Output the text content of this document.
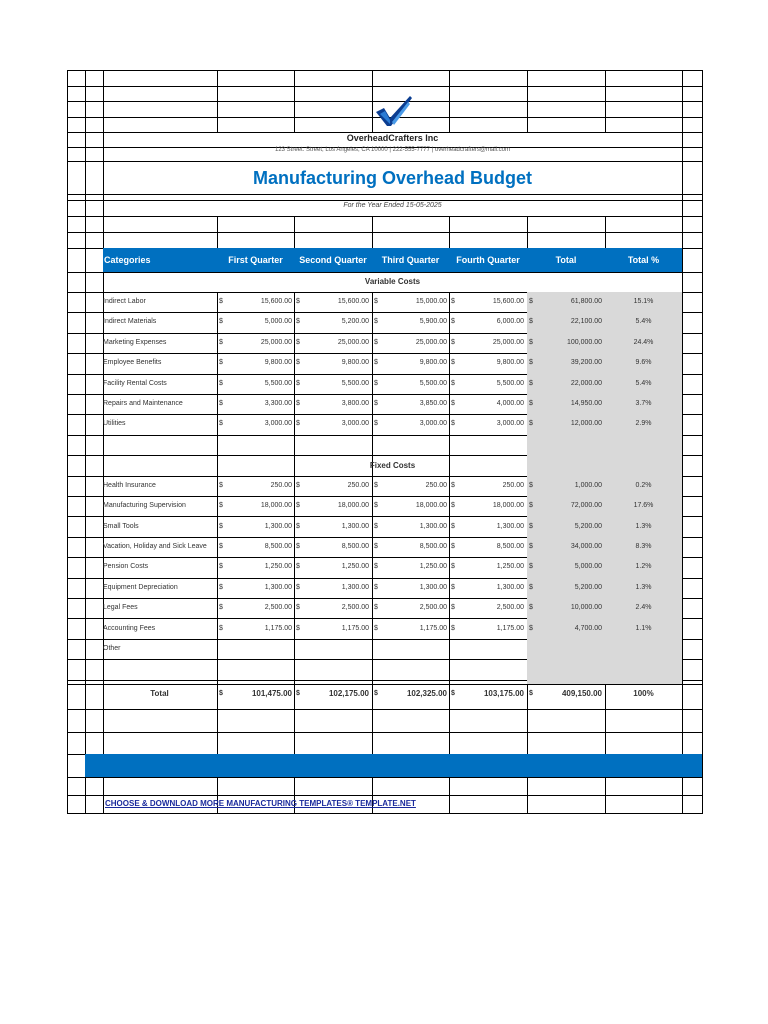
Categories	First Quarter	Second Quarter	Third Quarter	Fourth Quarter	Total	Total %
Variable Costs
Indirect Labor	$	15,600.00 $	15,600.00 $	15,000.00 $	15,600.00 $	61,800.00	15.1%
Indirect Materials	$	5,000.00 $	5,200.00 $	5,900.00 $	6,000.00 $	22,100.00	5.4%
Marketing Expenses	$	25,000.00 $	25,000.00 $	25,000.00 $	25,000.00 $	100,000.00	24.4%
Employee Benefits	$	9,800.00 $	9,800.00 $	9,800.00 $	9,800.00 $	39,200.00	9.6%
Facility Rental Costs	$	5,500.00 $	5,500.00 $	5,500.00 $	5,500.00 $	22,000.00	5.4%
Repairs and Maintenance	$	3,300.00 $	3,800.00 $	3,850.00 $	4,000.00 $	14,950.00	3.7%
Utilities	$	3,000.00 $	3,000.00 $	3,000.00 $	3,000.00 $	12,000.00	2.9%
Fixed Costs
Health Insurance	$	250.00 $	250.00 $	250.00 $	250.00 $	1,000.00	0.2%
Manufacturing Supervision	$	18,000.00 $	18,000.00 $	18,000.00 $	18,000.00 $	72,000.00	17.6%
Small Tools	$	1,300.00 $	1,300.00 $	1,300.00 $	1,300.00 $	5,200.00	1.3%
Vacation, Holiday and Sick Leave	$	8,500.00 $	8,500.00 $	8,500.00 $	8,500.00 $	34,000.00	8.3%
Pension Costs	$	1,250.00 $	1,250.00 $	1,250.00 $	1,250.00 $	5,000.00	1.2%
Equipment Depreciation	$	1,300.00 $	1,300.00 $	1,300.00 $	1,300.00 $	5,200.00	1.3%
Legal Fees	$	2,500.00 $	2,500.00 $	2,500.00 $	2,500.00 $	10,000.00	2.4%
Accounting Fees	$	1,175.00 $	1,175.00 $	1,175.00 $	1,175.00 $	4,700.00	1.1%
Other
Total	$	101,475.00 $	102,175.00 $	102,325.00 $	103,175.00 $	409,150.00	100%
OverheadCrafters Inc
123 Street. Street, Los Angeles, CA 10000 | 222-555-7777 | overheadcrafters@mail.com
Manufacturing Overhead Budget
For the Year Ended 15-05-2025
CHOOSE & DOWNLOAD MORE MANUFACTURING TEMPLATES® TEMPLATE.NET
